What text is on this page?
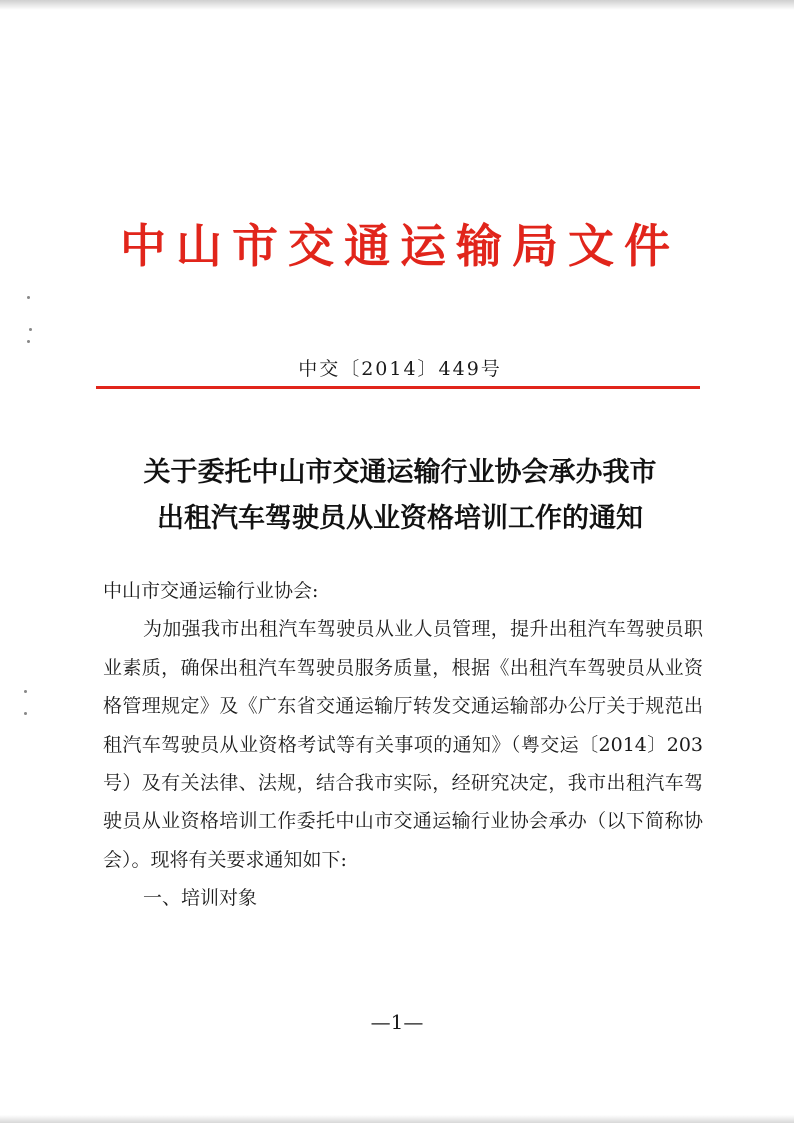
中山市交通运输局文件
中交〔2014〕449号
关于委托中山市交通运输行业协会承办我市
出租汽车驾驶员从业资格培训工作的通知

中山市交通运输行业协会:

为加强我市出租汽车驾驶员从业人员管理，提升出租汽车驾驶员职业素质，确保出租汽车驾驶员服务质量，根据《出租汽车驾驶员从业资格管理规定》及《广东省交通运输厅转发交通运输部办公厅关于规范出租汽车驾驶员从业资格考试等有关事项的通知》（粤交运〔2014〕203号）及有关法律、法规，结合我市实际，经研究决定，我市出租汽车驾驶员从业资格培训工作委托中山市交通运输行业协会承办（以下简称协会）。现将有关要求通知如下:

一、培训对象

—1—
